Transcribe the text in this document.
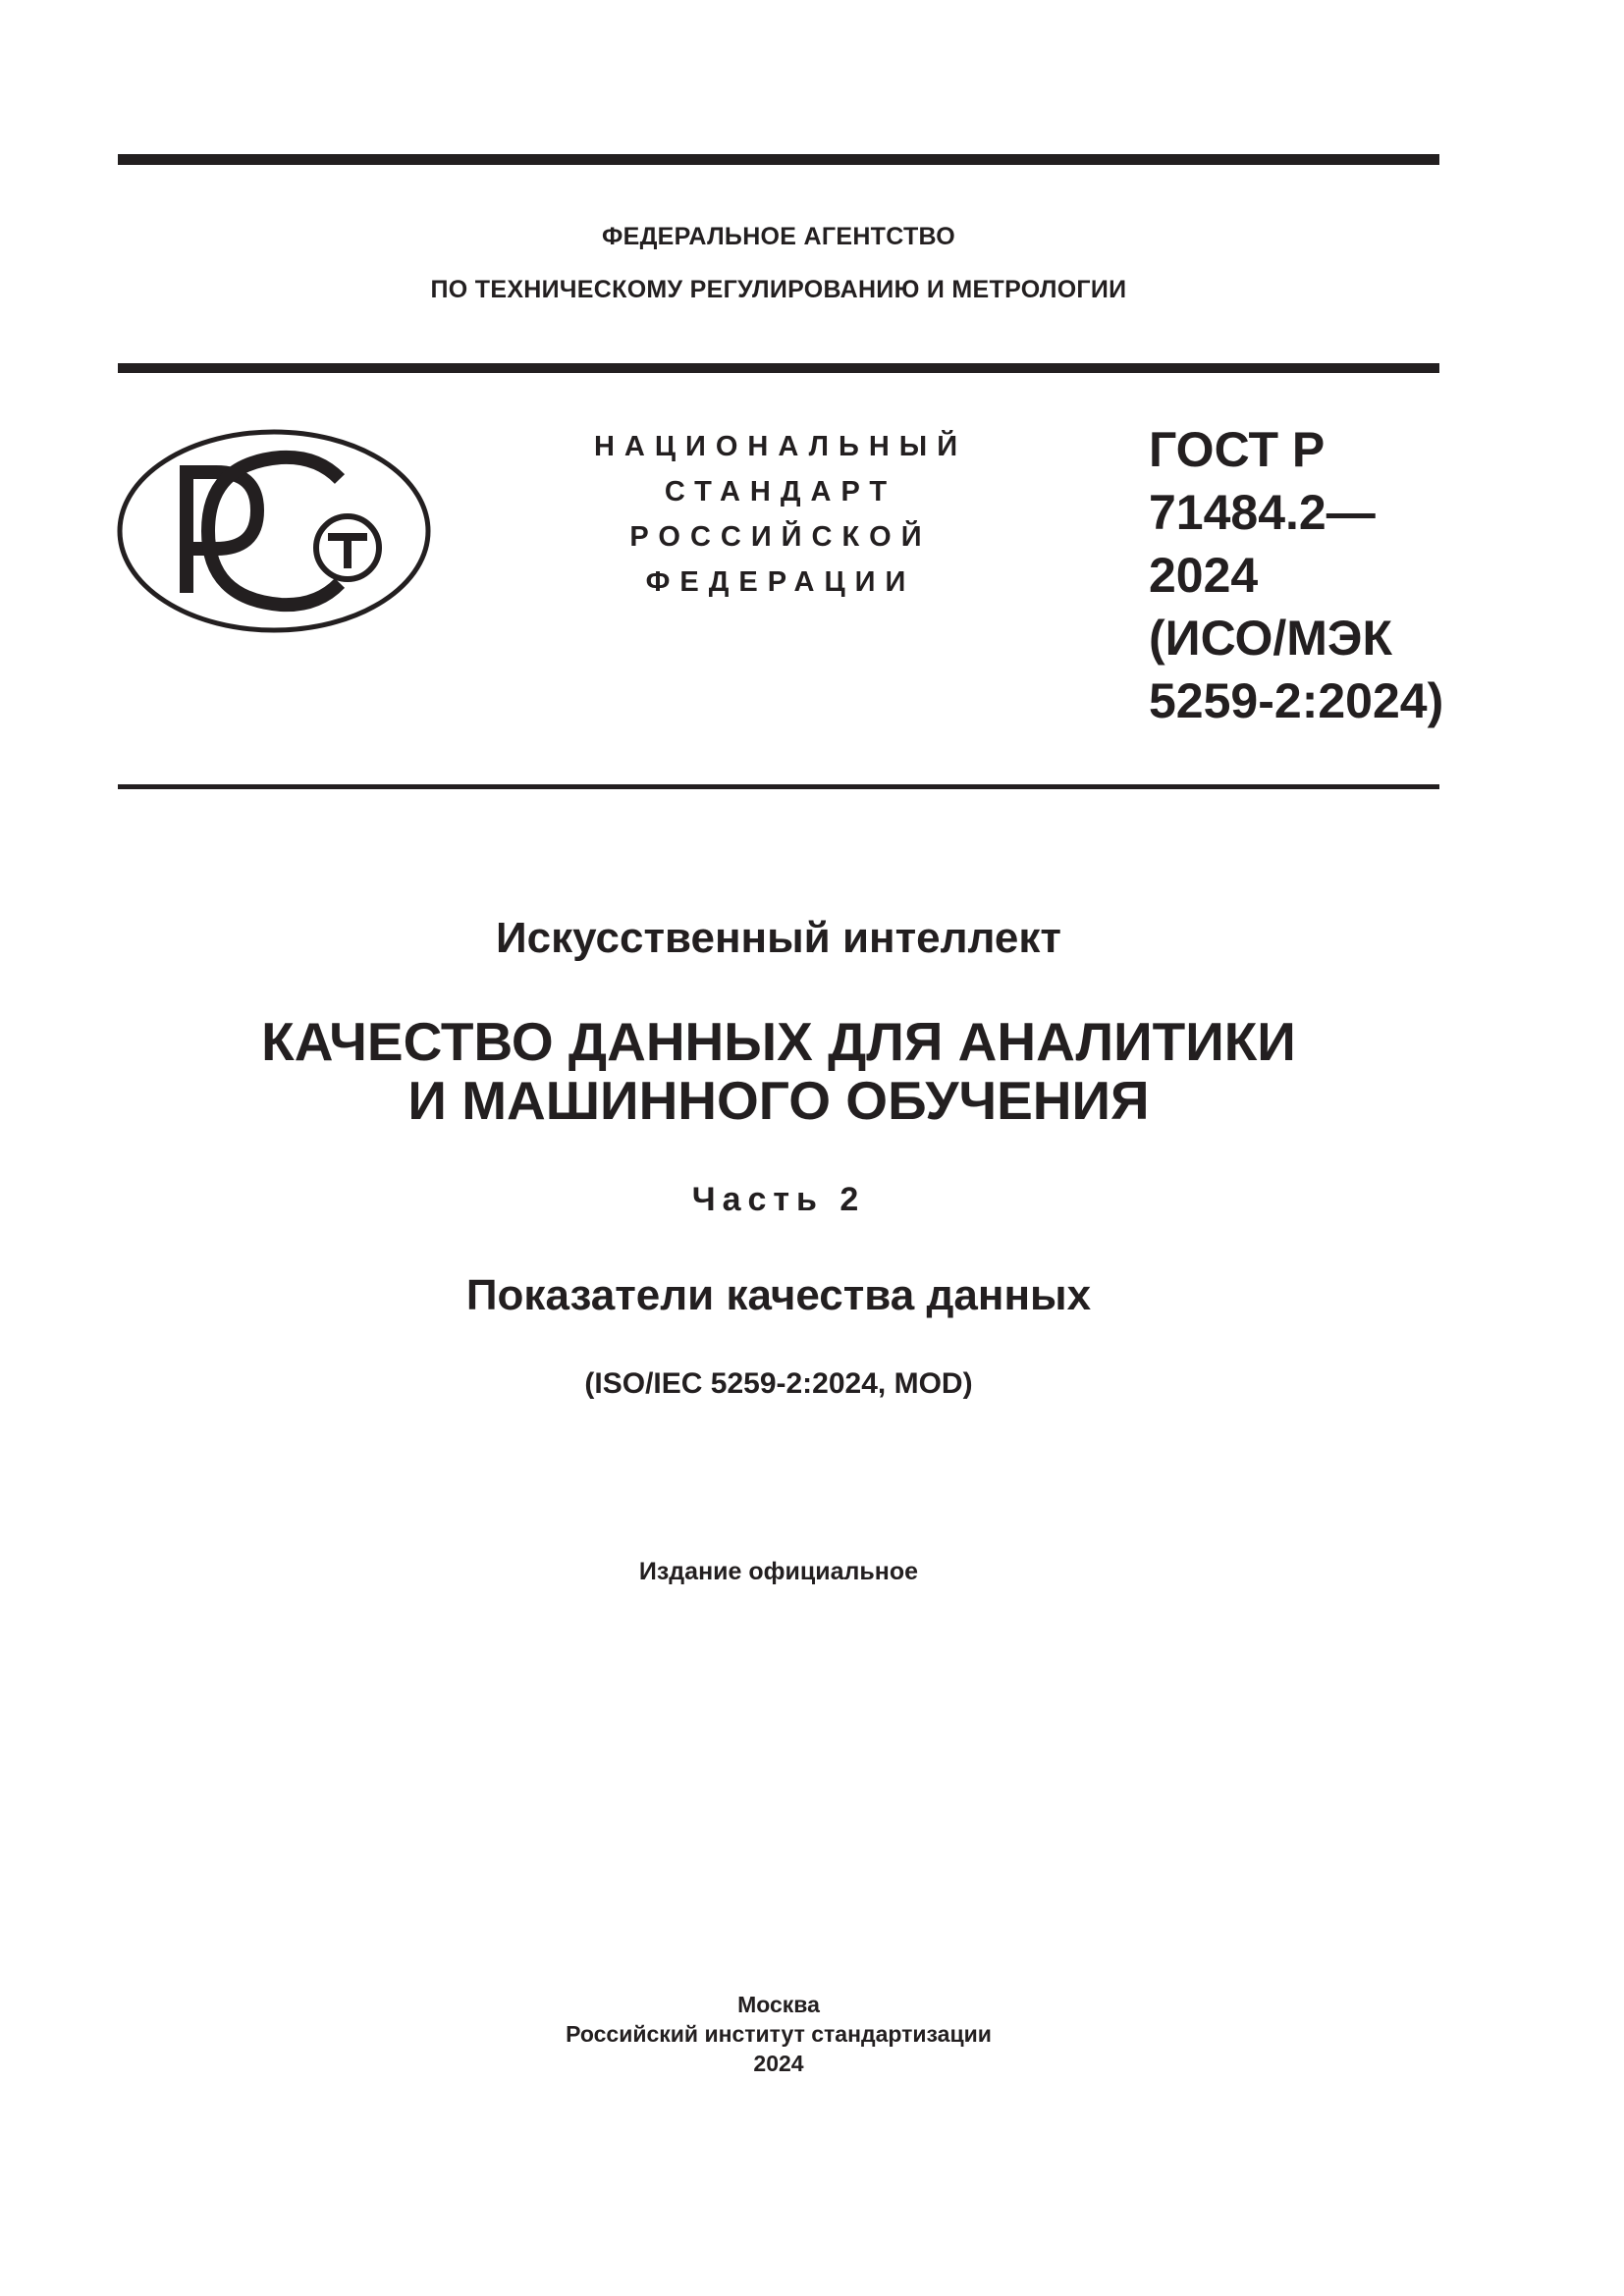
ФЕДЕРАЛЬНОЕ АГЕНТСТВО
ПО ТЕХНИЧЕСКОМУ РЕГУЛИРОВАНИЮ И МЕТРОЛОГИИ
НАЦИОНАЛЬНЫЙ
СТАНДАРТ
РОССИЙСКОЙ
ФЕДЕРАЦИИ
ГОСТ Р
71484.2—
2024
(ИСО/МЭК
5259-2:2024)
Искусственный интеллект
КАЧЕСТВО ДАННЫХ ДЛЯ АНАЛИТИКИ
И МАШИННОГО ОБУЧЕНИЯ
Часть 2
Показатели качества данных
(ISO/IEC 5259-2:2024, MOD)
Издание официальное
Москва
Российский институт стандартизации
2024
